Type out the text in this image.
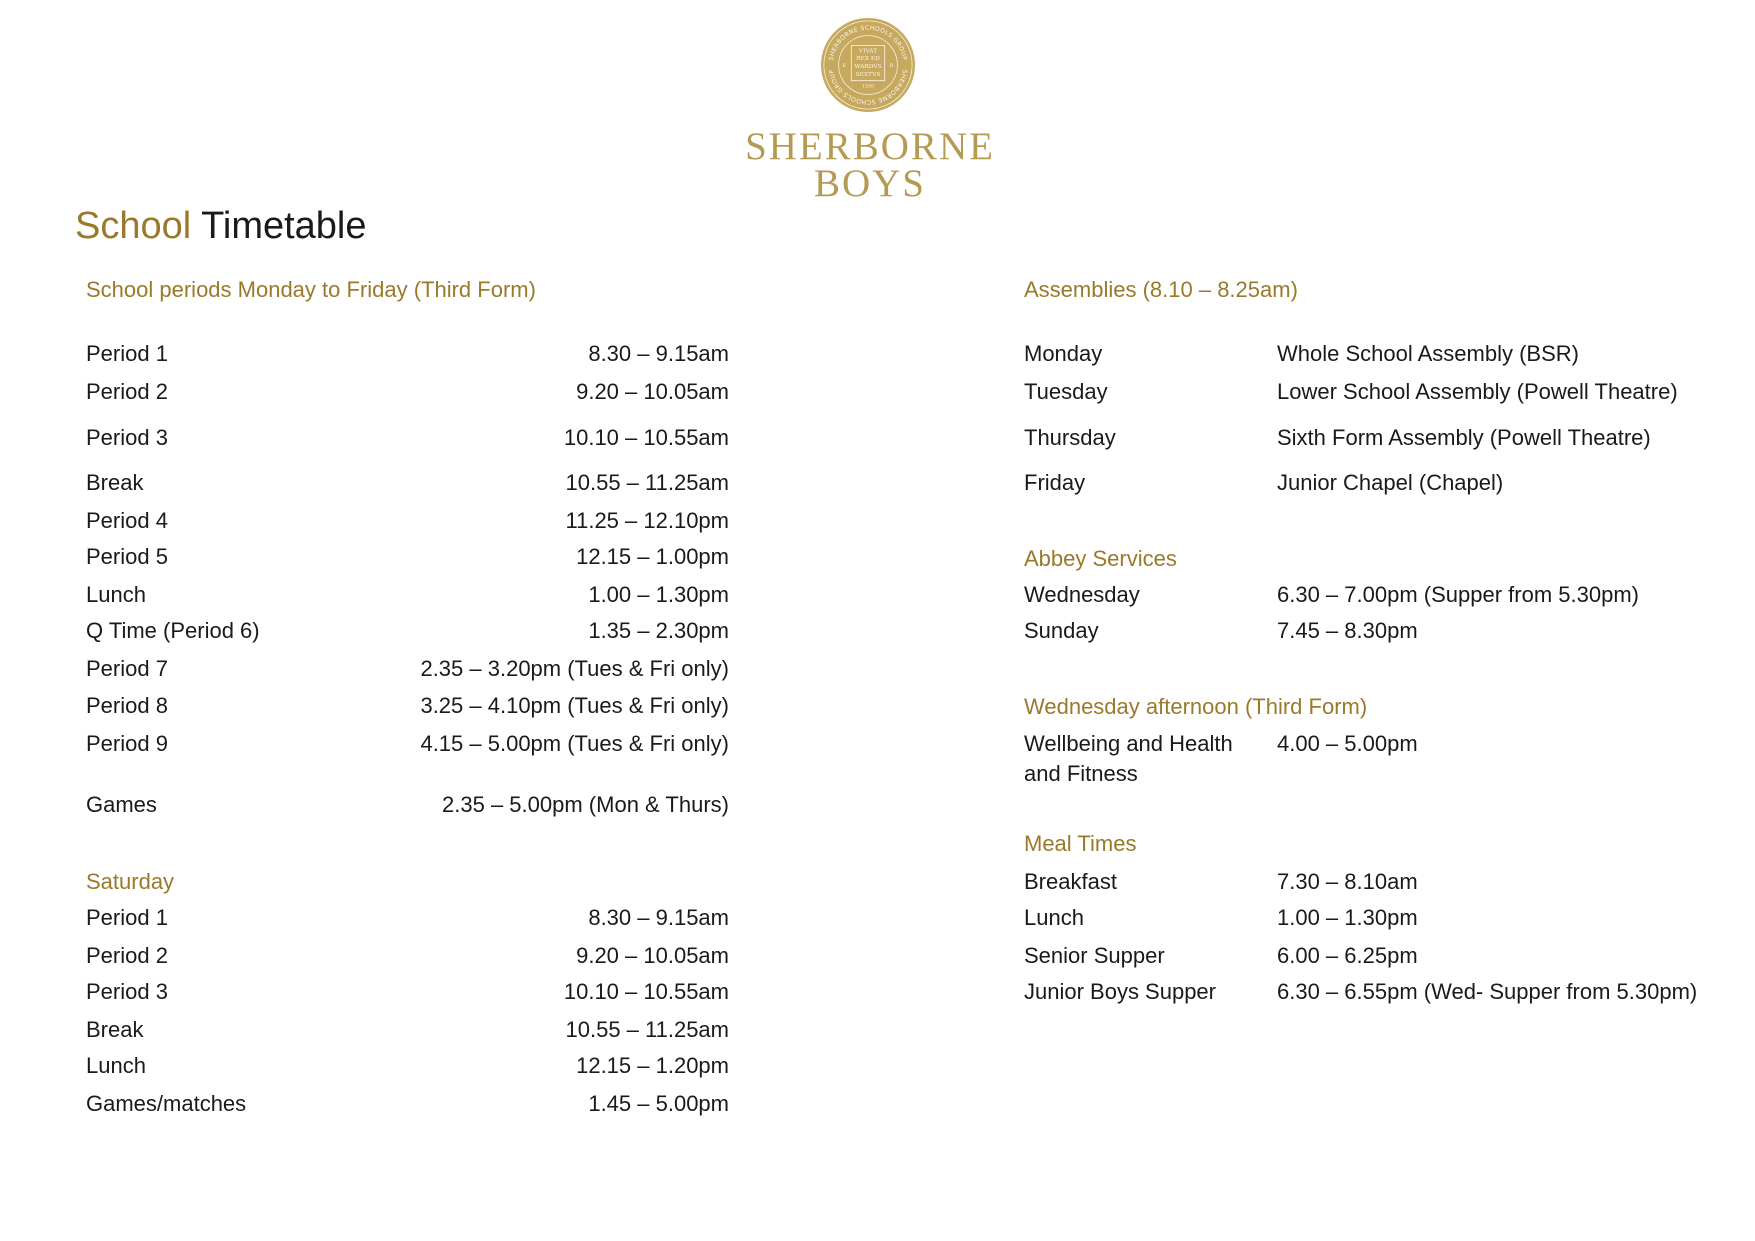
SHERBORNE SCHOOLS GROUP
SHERBORNE SCHOOLS GROUP
VIVAT
REX ED
WARDVS
SEXTVS
1550
E	R
SHERBORNE
BOYS
School Timetable
School periods Monday to Friday (Third Form)
Period 1	8.30 – 9.15am
Period 2	9.20 – 10.05am
Period 3	10.10 – 10.55am
Break	10.55 – 11.25am
Period 4	11.25 – 12.10pm
Period 5	12.15 – 1.00pm
Lunch	1.00 – 1.30pm
Q Time (Period 6)	1.35 – 2.30pm
Period 7	2.35 – 3.20pm (Tues & Fri only)
Period 8	3.25 – 4.10pm (Tues & Fri only)
Period 9	4.15 – 5.00pm (Tues & Fri only)
Games	2.35 – 5.00pm (Mon & Thurs)
Saturday
Period 1	8.30 – 9.15am
Period 2	9.20 – 10.05am
Period 3	10.10 – 10.55am
Break	10.55 – 11.25am
Lunch	12.15 – 1.20pm
Games/matches	1.45 – 5.00pm
Assemblies (8.10 – 8.25am)
Monday	Whole School Assembly (BSR)
Tuesday	Lower School Assembly (Powell Theatre)
Thursday	Sixth Form Assembly (Powell Theatre)
Friday	Junior Chapel (Chapel)
Abbey Services
Wednesday	6.30 – 7.00pm (Supper from 5.30pm)
Sunday	7.45 – 8.30pm
Wednesday afternoon (Third Form)
Wellbeing and Health 4.00 – 5.00pm
and Fitness
Meal Times
Breakfast	7.30 – 8.10am
Lunch	1.00 – 1.30pm
Senior Supper	6.00 – 6.25pm
Junior Boys Supper	6.30 – 6.55pm (Wed- Supper from 5.30pm)
